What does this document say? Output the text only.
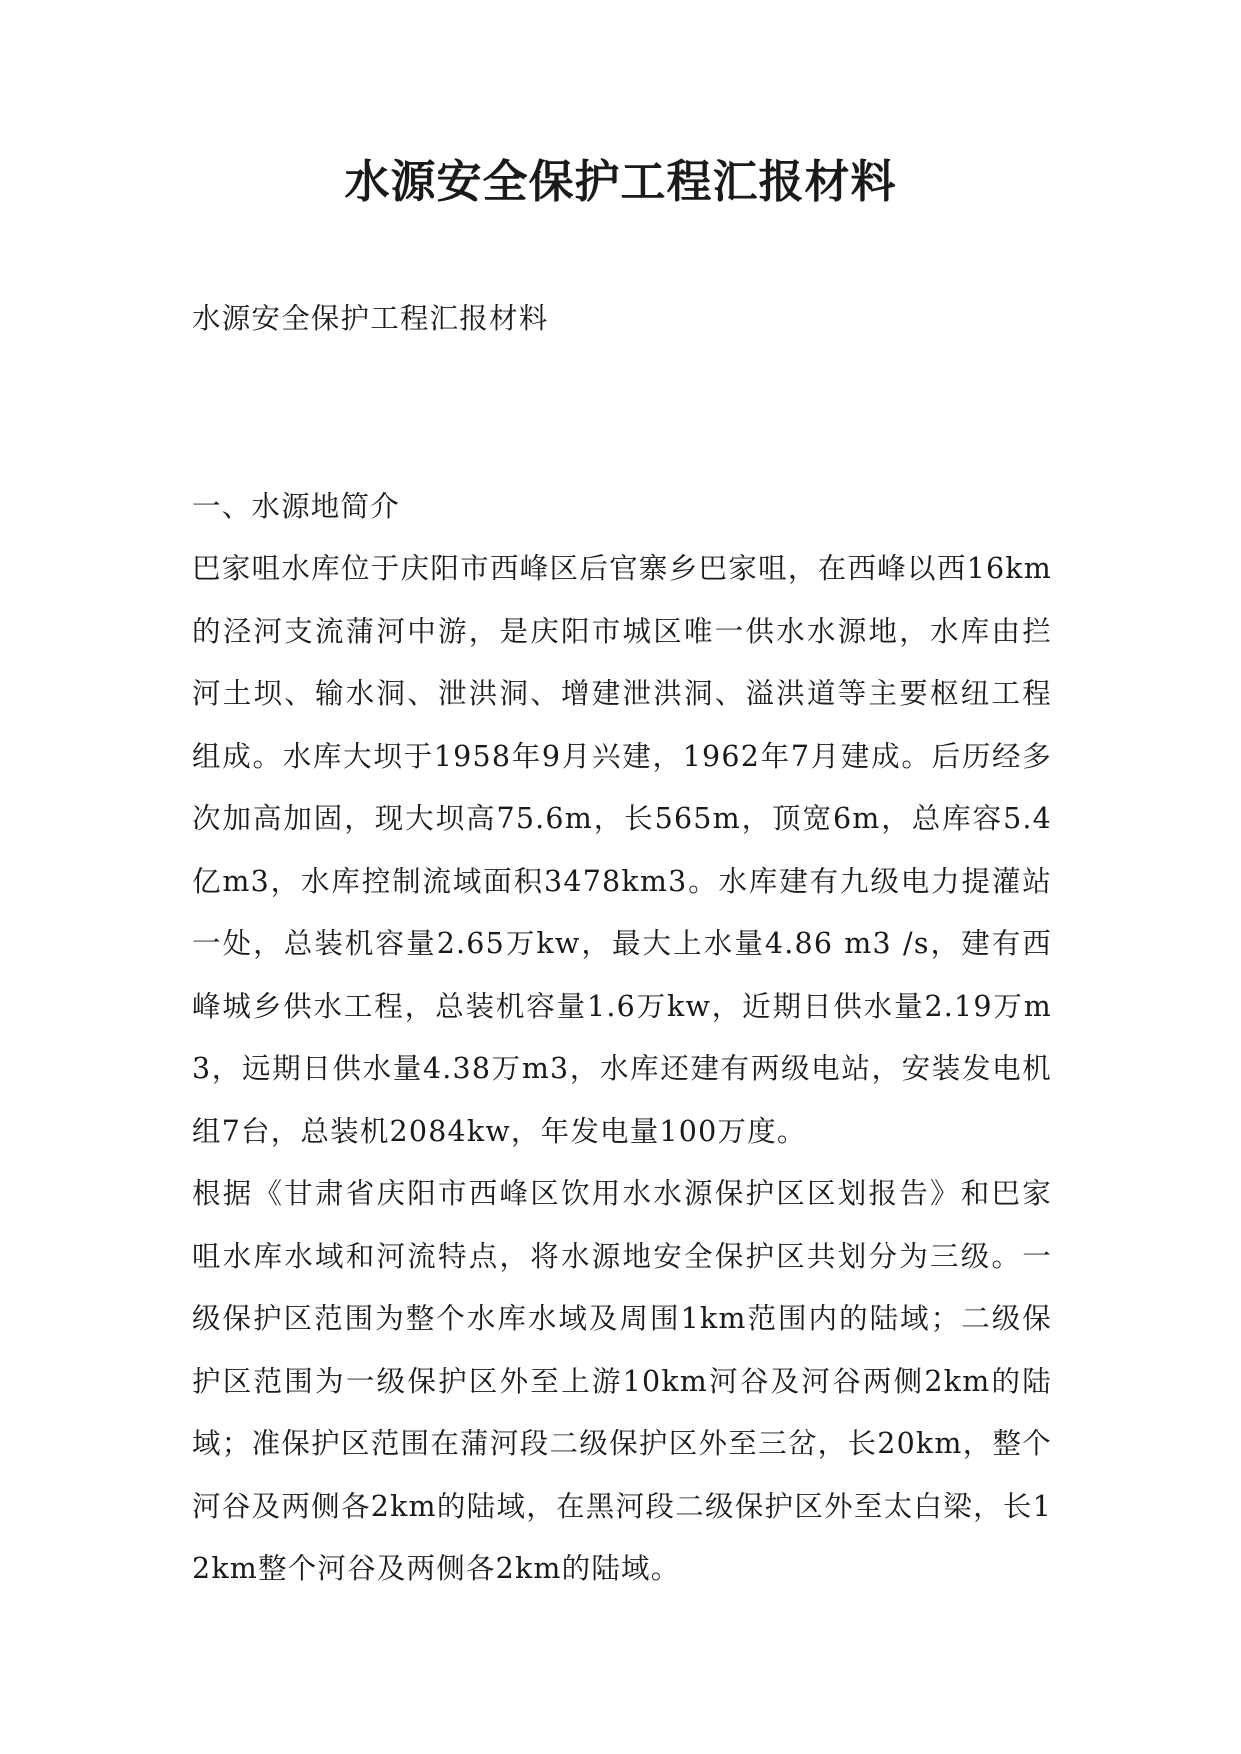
水源安全保护工程汇报材料

水源安全保护工程汇报材料

一、水源地简介

巴家咀水库位于庆阳市西峰区后官寨乡巴家咀，在西峰以西16km的泾河支流蒲河中游，是庆阳市城区唯一供水水源地，水库由拦河土坝、输水洞、泄洪洞、增建泄洪洞、溢洪道等主要枢纽工程组成。水库大坝于1958年9月兴建，1962年7月建成。后历经多次加高加固，现大坝高75.6m，长565m，顶宽6m，总库容5.4亿m3，水库控制流域面积3478km3。水库建有九级电力提灌站一处，总装机容量2.65万kw，最大上水量4.86 m3 /s，建有西峰城乡供水工程，总装机容量1.6万kw，近期日供水量2.19万m3，远期日供水量4.38万m3，水库还建有两级电站，安装发电机组7台，总装机2084kw，年发电量100万度。

根据《甘肃省庆阳市西峰区饮用水水源保护区区划报告》和巴家咀水库水域和河流特点，将水源地安全保护区共划分为三级。一级保护区范围为整个水库水域及周围1km范围内的陆域；二级保护区范围为一级保护区外至上游10km河谷及河谷两侧2km的陆域；准保护区范围在蒲河段二级保护区外至三岔，长20km，整个河谷及两侧各2km的陆域，在黑河段二级保护区外至太白梁，长12km整个河谷及两侧各2km的陆域。
